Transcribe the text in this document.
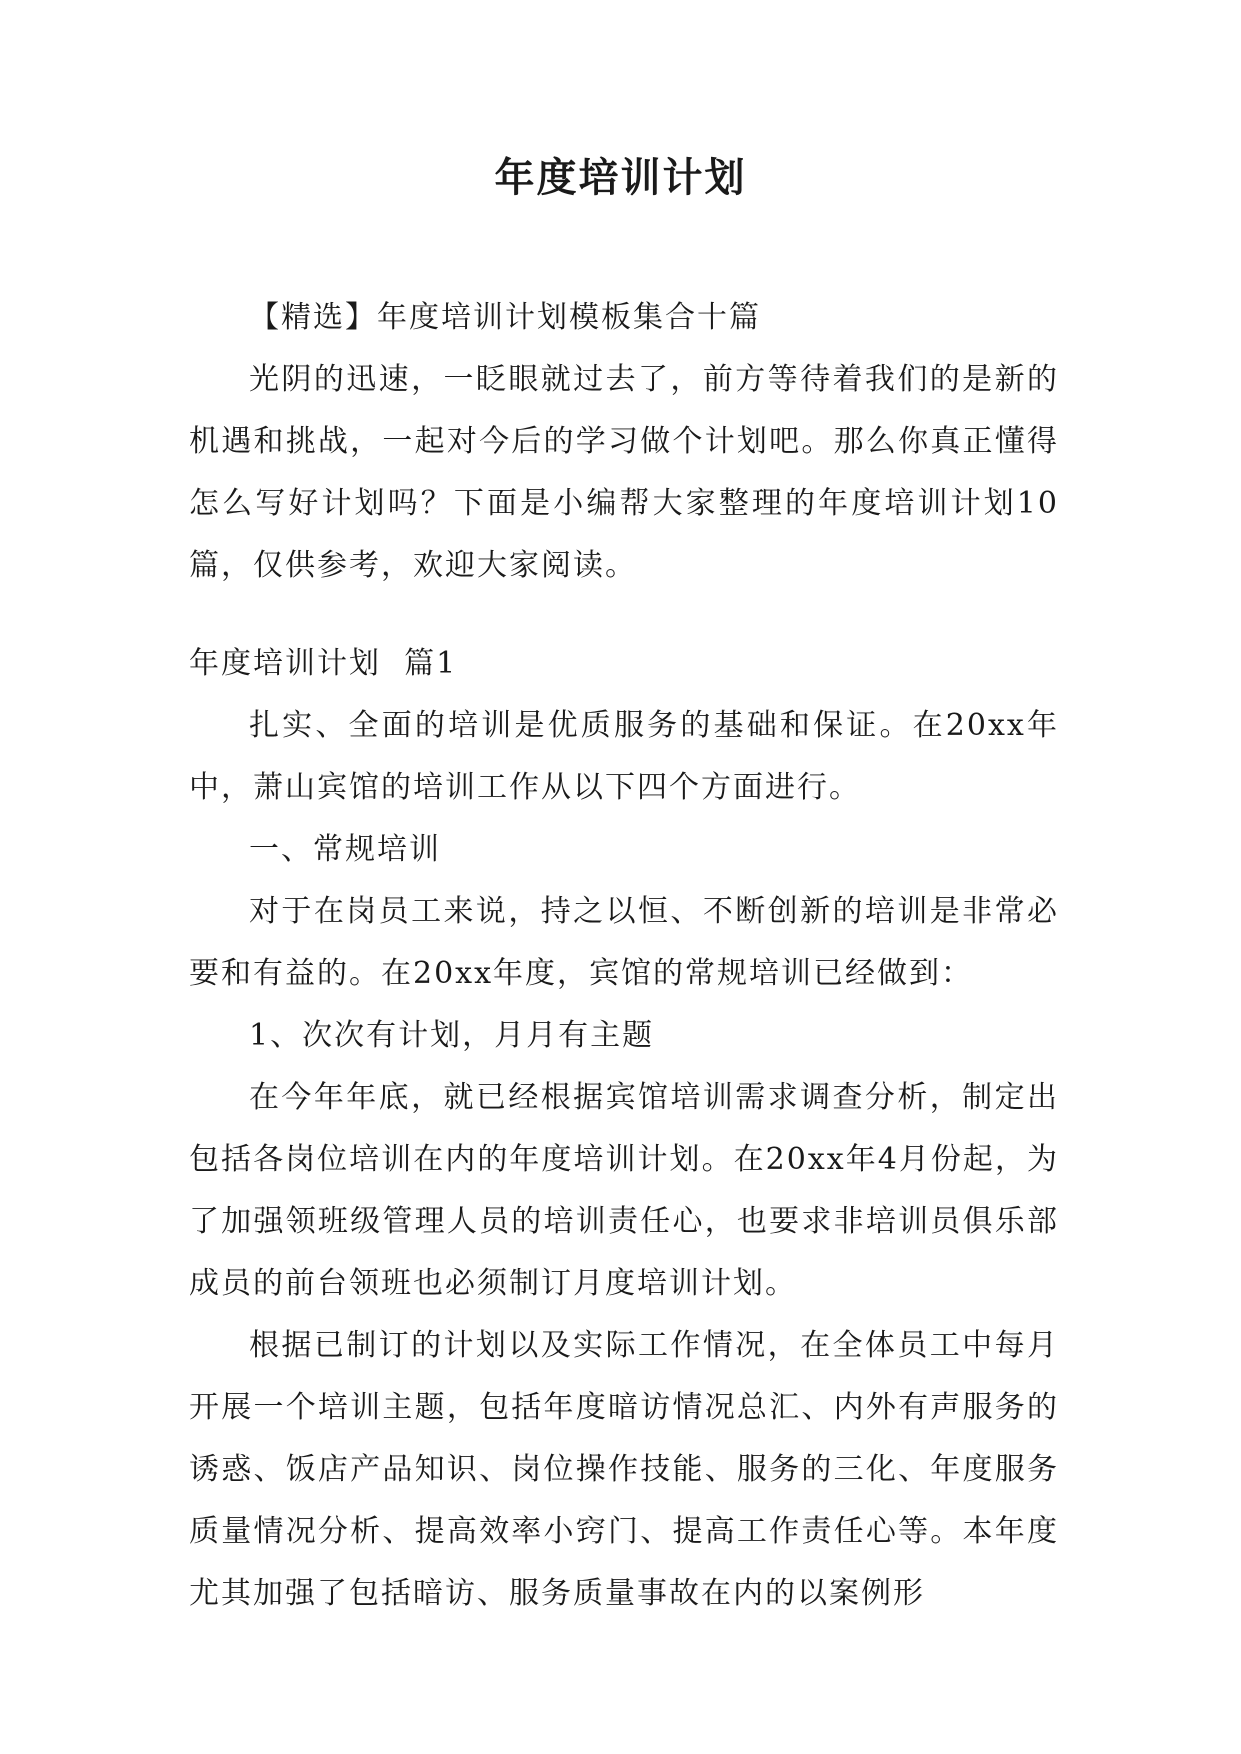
年度培训计划

【精选】年度培训计划模板集合十篇

光阴的迅速，一眨眼就过去了，前方等待着我们的是新的机遇和挑战，一起对今后的学习做个计划吧。那么你真正懂得怎么写好计划吗？下面是小编帮大家整理的年度培训计划10篇，仅供参考，欢迎大家阅读。

年度培训计划  篇1

扎实、全面的培训是优质服务的基础和保证。在20xx年中，萧山宾馆的培训工作从以下四个方面进行。

一、常规培训

对于在岗员工来说，持之以恒、不断创新的培训是非常必要和有益的。在20xx年度，宾馆的常规培训已经做到：

1、次次有计划，月月有主题

在今年年底，就已经根据宾馆培训需求调查分析，制定出包括各岗位培训在内的年度培训计划。在20xx年4月份起，为了加强领班级管理人员的培训责任心，也要求非培训员俱乐部成员的前台领班也必须制订月度培训计划。

根据已制订的计划以及实际工作情况，在全体员工中每月开展一个培训主题，包括年度暗访情况总汇、内外有声服务的诱惑、饭店产品知识、岗位操作技能、服务的三化、年度服务质量情况分析、提高效率小窍门、提高工作责任心等。本年度尤其加强了包括暗访、服务质量事故在内的以案例形
